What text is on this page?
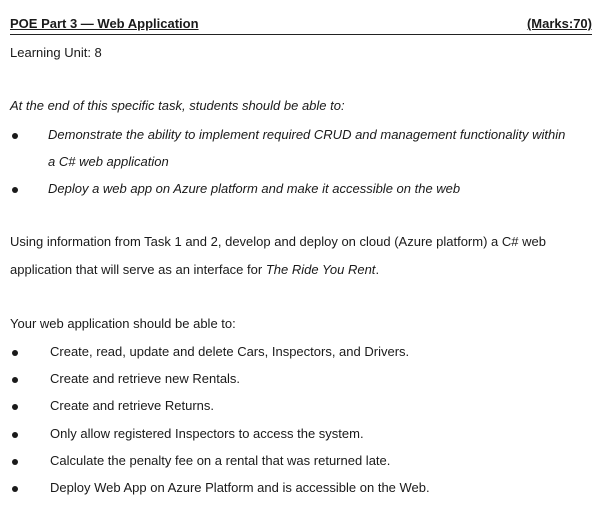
POE Part 3 — Web Application	(Marks:70)
Learning Unit: 8
At the end of this specific task, students should be able to:
Demonstrate the ability to implement required CRUD and management functionality within
a C# web application
Deploy a web app on Azure platform and make it accessible on the web
Using information from Task 1 and 2, develop and deploy on cloud (Azure platform) a C# web
application that will serve as an interface for The Ride You Rent.
Your web application should be able to:
Create, read, update and delete Cars, Inspectors, and Drivers.
Create and retrieve new Rentals.
Create and retrieve Returns.
Only allow registered Inspectors to access the system.
Calculate the penalty fee on a rental that was returned late.
Deploy Web App on Azure Platform and is accessible on the Web.
